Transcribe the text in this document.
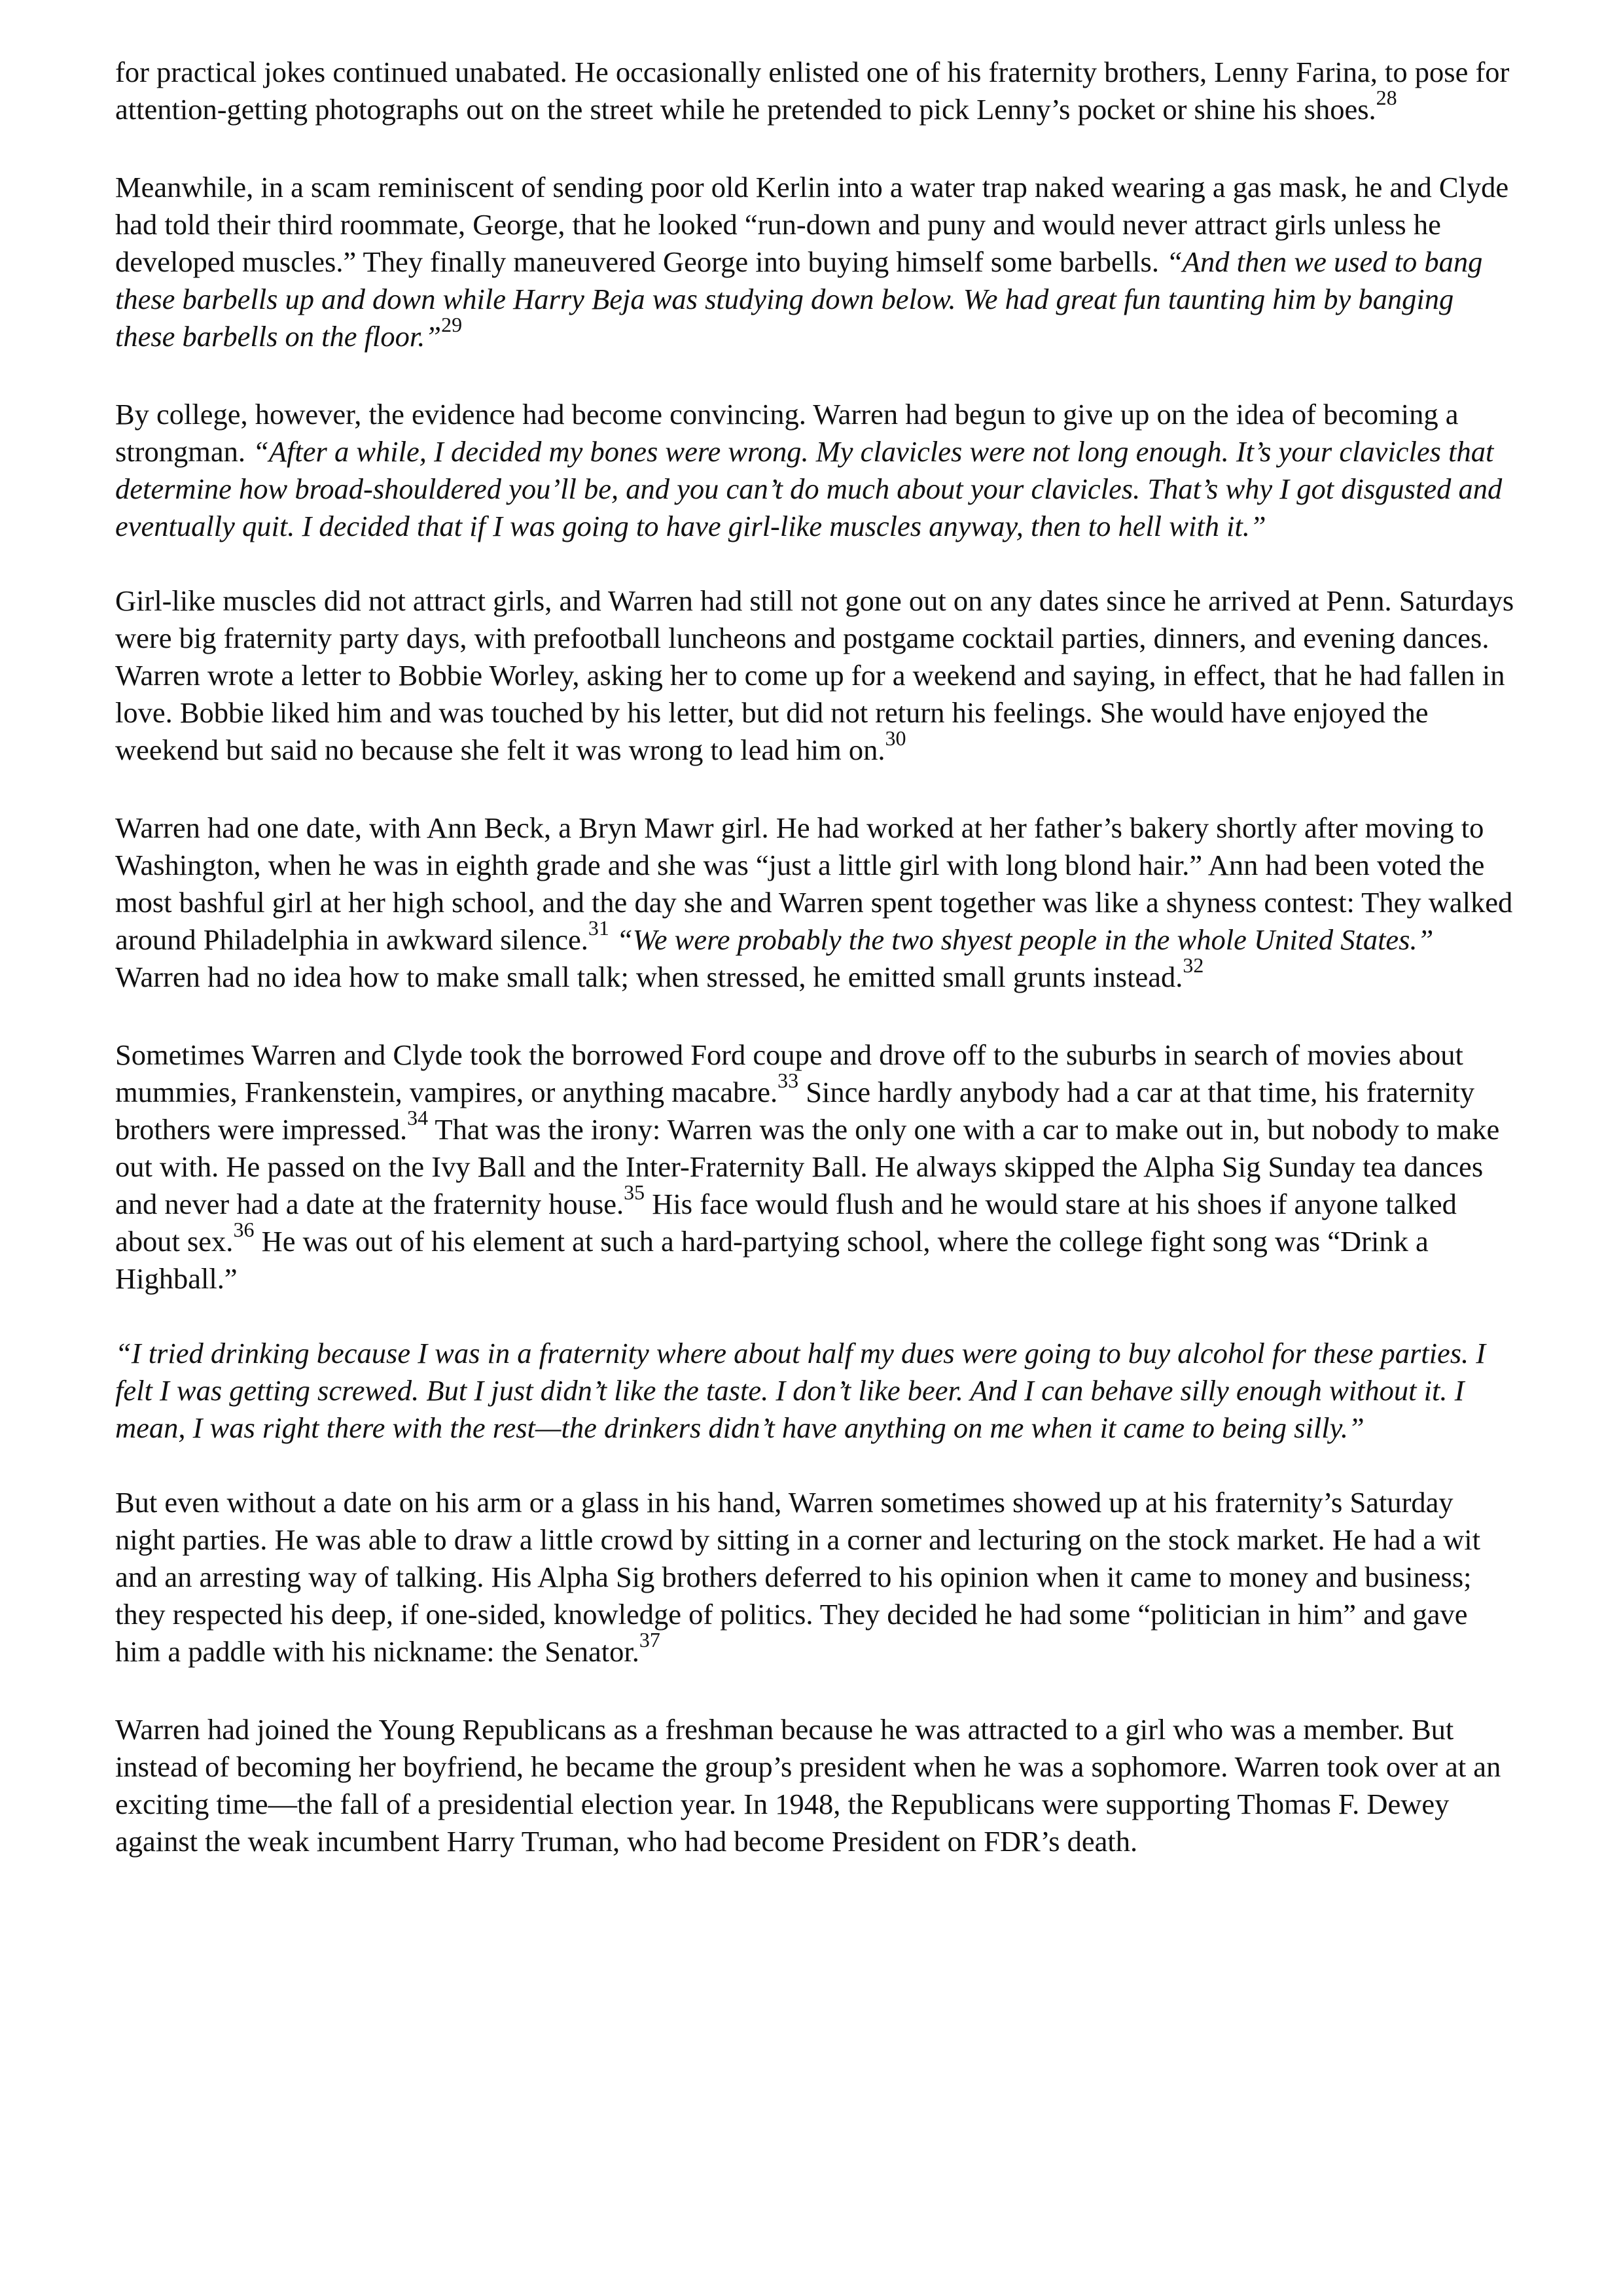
for practical jokes continued unabated. He occasionally enlisted one of his fraternity brothers, Lenny Farina, to pose for attention-getting photographs out on the street while he pretended to pick Lenny’s pocket or shine his shoes.$^{28}$

Meanwhile, in a scam reminiscent of sending poor old Kerlin into a water trap naked wearing a gas mask, he and Clyde had told their third roommate, George, that he looked “run-down and puny and would never attract girls unless he developed muscles.” They finally maneuvered George into buying himself some barbells. “And then we used to bang these barbells up and down while Harry Beja was studying down below. We had great fun taunting him by banging these barbells on the floor.”$^{29}$

By college, however, the evidence had become convincing. Warren had begun to give up on the idea of becoming a strongman. “After a while, I decided my bones were wrong. My clavicles were not long enough. It’s your clavicles that determine how broad-shouldered you’ll be, and you can’t do much about your clavicles. That’s why I got disgusted and eventually quit. I decided that if I was going to have girl-like muscles anyway, then to hell with it.”

Girl-like muscles did not attract girls, and Warren had still not gone out on any dates since he arrived at Penn. Saturdays were big fraternity party days, with prefootball luncheons and postgame cocktail parties, dinners, and evening dances. Warren wrote a letter to Bobbie Worley, asking her to come up for a weekend and saying, in effect, that he had fallen in love. Bobbie liked him and was touched by his letter, but did not return his feelings. She would have enjoyed the weekend but said no because she felt it was wrong to lead him on.$^{30}$

Warren had one date, with Ann Beck, a Bryn Mawr girl. He had worked at her father’s bakery shortly after moving to Washington, when he was in eighth grade and she was “just a little girl with long blond hair.” Ann had been voted the most bashful girl at her high school, and the day she and Warren spent together was like a shyness contest: They walked around Philadelphia in awkward silence.$^{31}$ “We were probably the two shyest people in the whole United States.” Warren had no idea how to make small talk; when stressed, he emitted small grunts instead.$^{32}$

Sometimes Warren and Clyde took the borrowed Ford coupe and drove off to the suburbs in search of movies about mummies, Frankenstein, vampires, or anything macabre.$^{33}$ Since hardly anybody had a car at that time, his fraternity brothers were impressed.$^{34}$ That was the irony: Warren was the only one with a car to make out in, but nobody to make out with. He passed on the Ivy Ball and the Inter-Fraternity Ball. He always skipped the Alpha Sig Sunday tea dances and never had a date at the fraternity house.$^{35}$ His face would flush and he would stare at his shoes if anyone talked about sex.$^{36}$ He was out of his element at such a hard-partying school, where the college fight song was “Drink a Highball.”

“I tried drinking because I was in a fraternity where about half my dues were going to buy alcohol for these parties. I felt I was getting screwed. But I just didn’t like the taste. I don’t like beer. And I can behave silly enough without it. I mean, I was right there with the rest—the drinkers didn’t have anything on me when it came to being silly.”

But even without a date on his arm or a glass in his hand, Warren sometimes showed up at his fraternity’s Saturday night parties. He was able to draw a little crowd by sitting in a corner and lecturing on the stock market. He had a wit and an arresting way of talking. His Alpha Sig brothers deferred to his opinion when it came to money and business; they respected his deep, if one-sided, knowledge of politics. They decided he had some “politician in him” and gave him a paddle with his nickname: the Senator.$^{37}$

Warren had joined the Young Republicans as a freshman because he was attracted to a girl who was a member. But instead of becoming her boyfriend, he became the group’s president when he was a sophomore. Warren took over at an exciting time—the fall of a presidential election year. In 1948, the Republicans were supporting Thomas F. Dewey against the weak incumbent Harry Truman, who had become President on FDR’s death.
